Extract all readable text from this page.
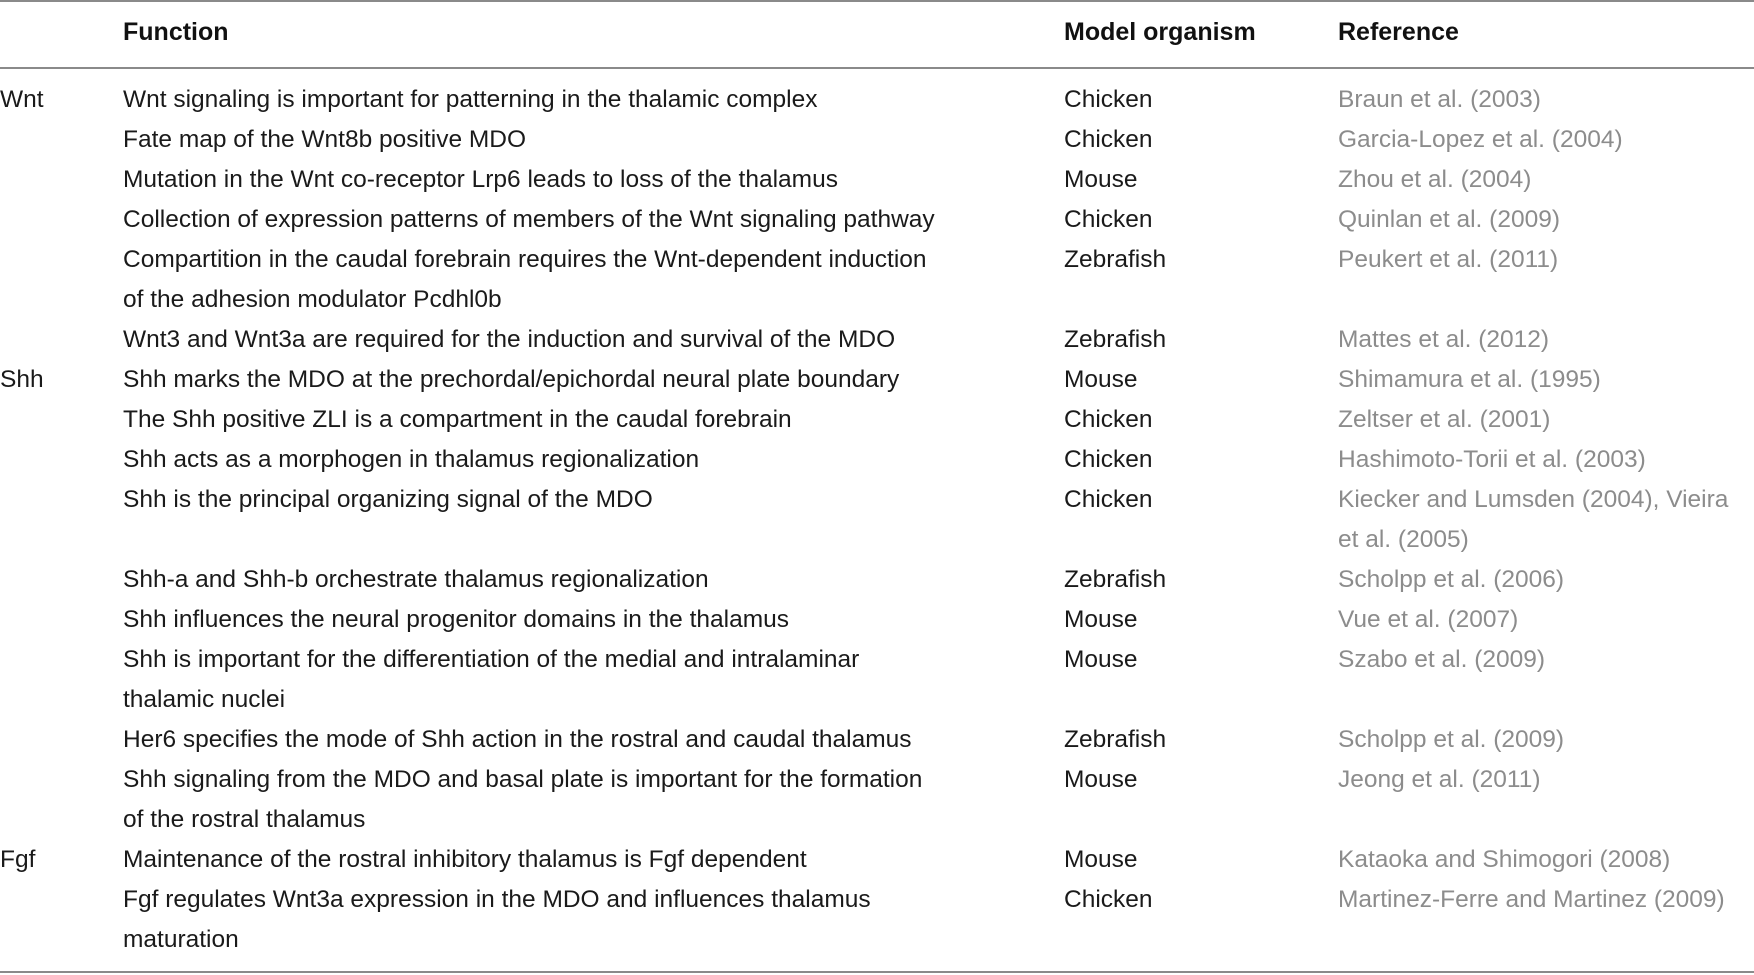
Function	Model organism	Reference
Wnt	Wnt signaling is important for patterning in the thalamic complex	Chicken	Braun et al. (2003)
Fate map of the Wnt8b positive MDO	Chicken	Garcia-Lopez et al. (2004)
Mutation in the Wnt co-receptor Lrp6 leads to loss of the thalamus	Mouse	Zhou et al. (2004)
Collection of expression patterns of members of the Wnt signaling pathway	Chicken	Quinlan et al. (2009)
Compartition in the caudal forebrain requires the Wnt-dependent induction
of the adhesion modulator Pcdhl0b
Zebrafish	Peukert et al. (2011)
Wnt3 and Wnt3a are required for the induction and survival of the MDO	Zebrafish	Mattes et al. (2012)
Shh	Shh marks the MDO at the prechordal/epichordal neural plate boundary	Mouse	Shimamura et al. (1995)
The Shh positive ZLI is a compartment in the caudal forebrain	Chicken	Zeltser et al. (2001)
Shh acts as a morphogen in thalamus regionalization	Chicken	Hashimoto-Torii et al. (2003)
Shh is the principal organizing signal of the MDO	Chicken	Kiecker and Lumsden (2004), Vieira
et al. (2005)
Shh-a and Shh-b orchestrate thalamus regionalization	Zebrafish	Scholpp et al. (2006)
Shh influences the neural progenitor domains in the thalamus	Mouse	Vue et al. (2007)
Shh is important for the differentiation of the medial and intralaminar
thalamic nuclei
Mouse	Szabo et al. (2009)
Her6 specifies the mode of Shh action in the rostral and caudal thalamus	Zebrafish	Scholpp et al. (2009)
Shh signaling from the MDO and basal plate is important for the formation
of the rostral thalamus
Mouse	Jeong et al. (2011)
Fgf	Maintenance of the rostral inhibitory thalamus is Fgf dependent	Mouse	Kataoka and Shimogori (2008)
Fgf regulates Wnt3a expression in the MDO and influences thalamus
maturation
Chicken	Martinez-Ferre and Martinez (2009)
